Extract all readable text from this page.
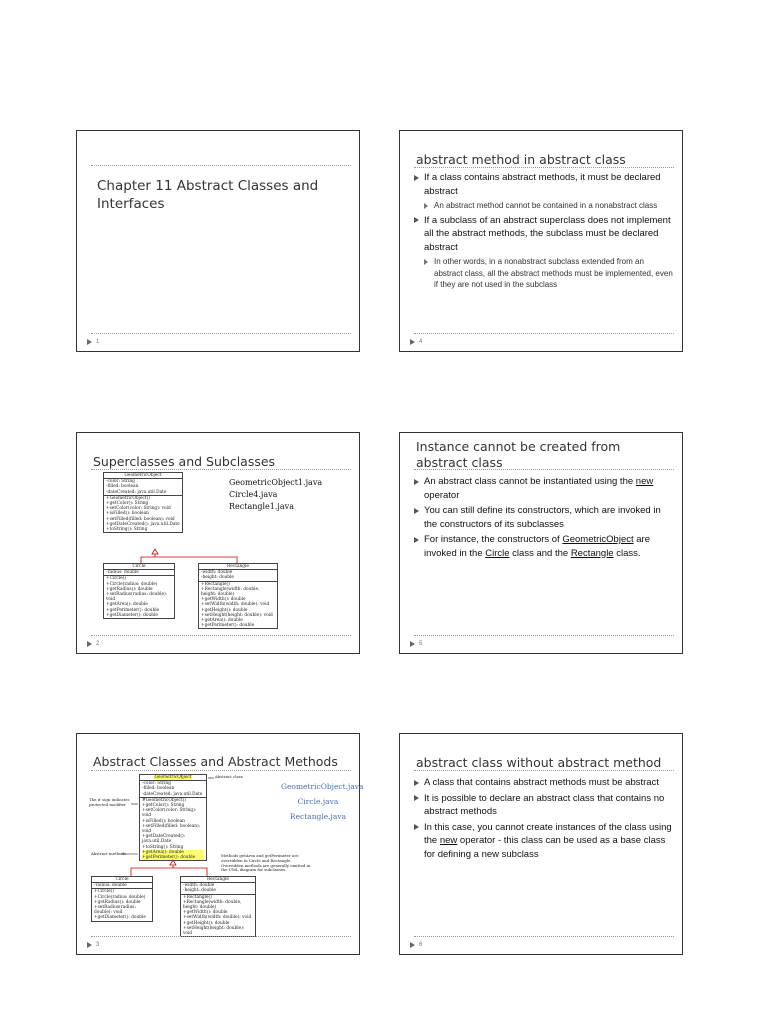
Chapter 11 Abstract Classes and Interfaces
1
abstract method in abstract class
If a class contains abstract methods, it must be declared abstract
An abstract method cannot be contained in a nonabstract class
If a subclass of an abstract superclass does not implement all the abstract methods, the subclass must be declared abstract
In other words, in a nonabstract subclass extended from an abstract class, all the abstract methods must be implemented, even if they are not used in the subclass
4
Superclasses and Subclasses
GeometricObject
-color: String
-filled: boolean
-dateCreated: java.util.Date
+GeometricObject()
+getColor(): String
+setColor(color: String): void
+isFilled(): boolean
+setFilled(filled: boolean): void
+getDateCreated(): java.util.Date
+toString(): String
GeometricObject1.java
Circle4.java
Rectangle1.java
Circle
-radius: double
+Circle()
+Circle(radius: double)
+getRadius(): double
+setRadius(radius: double): void
+getArea(): double
+getPerimeter(): double
+getDiameter(): double
Rectangle
-width: double
-height: double
+Rectangle()
+Rectangle(width: double, height: double)
+getWidth(): double
+setWidth(width: double): void
+getHeight(): double
+setHeight(height: double): void
+getArea(): double
+getPerimeter(): double
2
Instance cannot be created from abstract class
An abstract class cannot be instantiated using the new operator
You can still define its constructors, which are invoked in the constructors of its subclasses
For instance, the constructors of GeometricObject are invoked in the Circle class and the Rectangle class.
5
Abstract Classes and Abstract Methods
GeometricObject
-color: String
-filled: boolean
-dateCreated: java.util.Date
#GeometricObject()
+getColor(): String
+setColor(color: String): void
+isFilled(): boolean
+setFilled(filled: boolean): void
+getDateCreated(): java.util.Date
+toString(): String
+getArea(): double
+getPerimeter(): double
Abstract class
The # sign indicates protected modifier
Abstract methods	Methods getArea and getPerimeter are overridden in Circle and Rectangle. Overridden methods are generally omitted in the UML diagram for subclasses.
GeometricObject.java
Circle.java
Rectangle.java
Circle
-radius: double
+Circle()
+Circle(radius: double)
+getRadius(): double
+setRadius(radius: double): void
+getDiameter(): double
Rectangle
-width: double
-height: double
+Rectangle()
+Rectangle(width: double, height: double)
+getWidth(): double
+setWidth(width: double): void
+getHeight(): double
+setHeight(height: double): void
3
abstract class without abstract method
A class that contains abstract methods must be abstract
It is possible to declare an abstract class that contains no abstract methods
In this case, you cannot create instances of the class using the new operator - this class can be used as a base class for defining a new subclass
6
